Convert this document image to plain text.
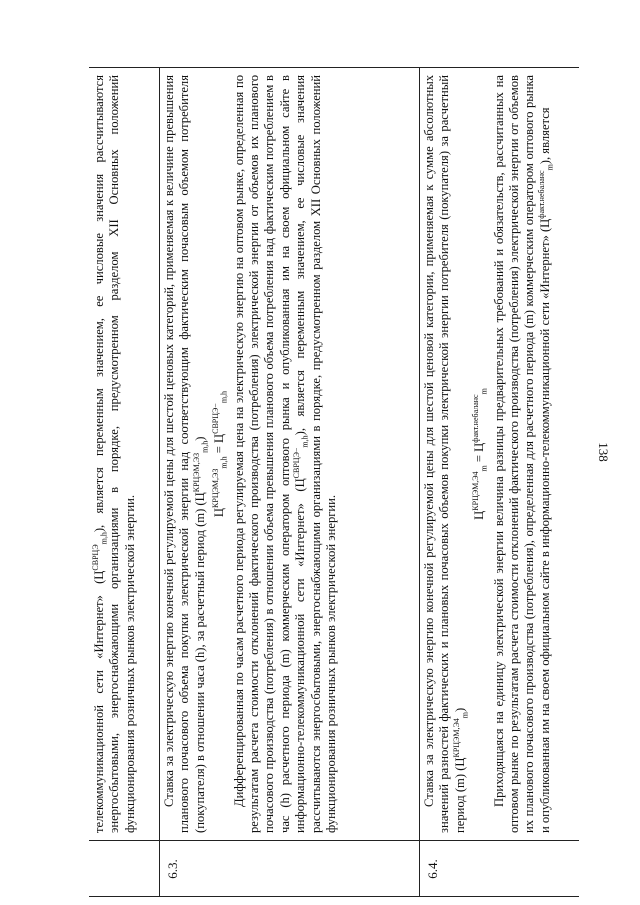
138

телекоммуникационной сети «Интернет» $(Ц^{СВРЦЭ}_{m,h})$, является переменным значением, ее числовые значения рассчитываются энергосбытовыми, энергоснабжающими организациями в порядке, предусмотренном разделом XII Основных положений функционирования розничных рынков электрической энергии.

6.3.

Ставка за электрическую энергию конечной регулируемой цены для шестой ценовых категорий, применяемая к величине превышения планового почасового объема покупки электрической энергии над соответствующим фактическим почасовым объемом потребителя (покупателя) в отношении часа (h), за расчетный период (m) $(Ц^{КРЦЭМ,ЭЗ}_{m,h})$

$Ц^{КРЦЭМ,ЭЗ}_{m,h} = Ц^{СВРЦЭ-}_{m,h}$ Дифференцированная по часам расчетного периода регулируемая цена на электрическую энергию на оптовом рынке, определенная по результатам расчета стоимости отклонений фактического производства (потребления) электрической энергии от объемов их планового почасового производства (потребления) в отношении объема превышения планового объема потребления над фактическим потреблением в час (h) расчетного периода (m) коммерческим оператором оптового рынка и опубликованная им на своем официальном сайте в информационно-телекоммуникационной сети «Интернет» $(Ц^{СВРЦЭ-}_{m,h})$, является переменным значением, ее числовые значения рассчитываются энергосбытовыми, энергоснабжающими организациями в порядке, предусмотренном разделом XII Основных положений функционирования розничных рынков электрической энергии.

6.4.

Ставка за электрическую энергию конечной регулируемой цены для шестой ценовой категории, применяемая к сумме абсолютных значений разностей фактических и плановых почасовых объемов покупки электрической энергии потребителя (покупателя) за расчетный период (m) $(Ц^{КРЦЭМ,Э4}_m)$

$Ц^{КРЦЭМ,Э4}_m = Ц^{факт.небаланс}_m$ Приходящаяся на единицу электрической энергии величина разницы предварительных требований и обязательств, рассчитанных на оптовом рынке по результатам расчета стоимости отклонений фактического производства (потребления) электрической энергии от объемов их планового почасового производства (потребления), определенная для расчетного периода (m) коммерческим оператором оптового рынка и опубликованная им на своем официальном сайте в информационно-телекоммуникационной сети «Интернет» $(Ц^{факт.небаланс}_m)$, является
